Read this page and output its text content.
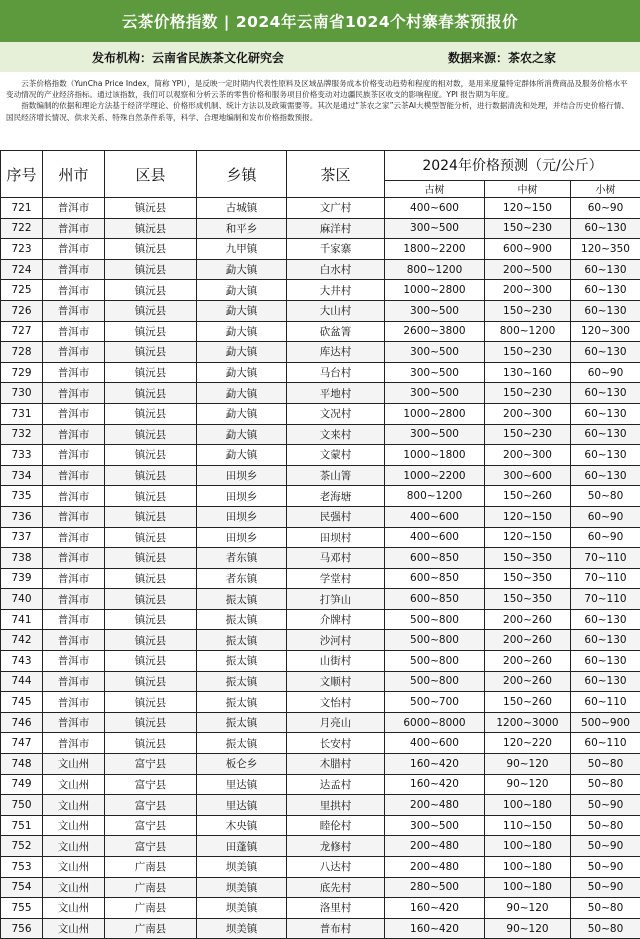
云茶价格指数 | 2024年云南省1024个村寨春茶预报价
发布机构：云南省民族茶文化研究会	数据来源：茶农之家

云茶价格指数（YunCha Price Index，简称 YPI），是反映一定时期内代表性原料及区域品牌服务成本价格变动趋势和程度的相对数，是用来度量特定群体所消费商品及服务价格水平变动情况的产业经济指标。通过该指数，我们可以观察和分析云茶的零售价格和服务项目价格变动对边疆民族茶区收支的影响程度。YPI 报告期为年度。

指数编制的依据和理论方法基于经济学理论、价格形成机制、统计方法以及政策需要等。其次是通过“茶农之家”云茶AI大模型智能分析，进行数据清洗和处理，并结合历史价格行情、国民经济增长情况、供求关系、特殊自然条件系等，科学、合理地编制和发布价格指数预报。

序号	州市	区县	乡镇	茶区	2024年价格预测（元/公斤）		
					古树	中树	小树
721	普洱市	镇沅县	古城镇	文广村	400~600	120~150	60~90
722	普洱市	镇沅县	和平乡	麻洋村	300~500	150~230	60~130
723	普洱市	镇沅县	九甲镇	千家寨	1800~2200	600~900	120~350
724	普洱市	镇沅县	勐大镇	白水村	800~1200	200~500	60~130
725	普洱市	镇沅县	勐大镇	大井村	1000~2800	200~300	60~130
726	普洱市	镇沅县	勐大镇	大山村	300~500	150~230	60~130
727	普洱市	镇沅县	勐大镇	砍盆箐	2600~3800	800~1200	120~300
728	普洱市	镇沅县	勐大镇	库达村	300~500	150~230	60~130
729	普洱市	镇沅县	勐大镇	马台村	300~500	130~160	60~90
730	普洱市	镇沅县	勐大镇	平地村	300~500	150~230	60~130
731	普洱市	镇沅县	勐大镇	文况村	1000~2800	200~300	60~130
732	普洱市	镇沅县	勐大镇	文来村	300~500	150~230	60~130
733	普洱市	镇沅县	勐大镇	文蒙村	1000~1800	200~300	60~130
734	普洱市	镇沅县	田坝乡	茶山箐	1000~2200	300~600	60~130
735	普洱市	镇沅县	田坝乡	老海塘	800~1200	150~260	50~80
736	普洱市	镇沅县	田坝乡	民强村	400~600	120~150	60~90
737	普洱市	镇沅县	田坝乡	田坝村	400~600	120~150	60~90
738	普洱市	镇沅县	者东镇	马邓村	600~850	150~350	70~110
739	普洱市	镇沅县	者东镇	学堂村	600~850	150~350	70~110
740	普洱市	镇沅县	振太镇	打笋山	600~850	150~350	70~110
741	普洱市	镇沅县	振太镇	介牌村	500~800	200~260	60~130
742	普洱市	镇沅县	振太镇	沙河村	500~800	200~260	60~130
743	普洱市	镇沅县	振太镇	山街村	500~800	200~260	60~130
744	普洱市	镇沅县	振太镇	文顺村	500~800	200~260	60~130
745	普洱市	镇沅县	振太镇	文怡村	500~700	150~260	60~110
746	普洱市	镇沅县	振太镇	月亮山	6000~8000	1200~3000	500~900
747	普洱市	镇沅县	振太镇	长安村	400~600	120~220	60~110
748	文山州	富宁县	板仑乡	木腊村	160~420	90~120	50~80
749	文山州	富宁县	里达镇	达孟村	160~420	90~120	50~80
750	文山州	富宁县	里达镇	里拱村	200~480	100~180	50~90
751	文山州	富宁县	木央镇	睦伦村	300~500	110~150	50~80
752	文山州	富宁县	田蓬镇	龙修村	200~480	100~180	50~90
753	文山州	广南县	坝美镇	八达村	200~480	100~180	50~90
754	文山州	广南县	坝美镇	底先村	280~500	100~180	50~90
755	文山州	广南县	坝美镇	洛里村	160~420	90~120	50~80
756	文山州	广南县	坝美镇	普布村	160~420	90~120	50~80
